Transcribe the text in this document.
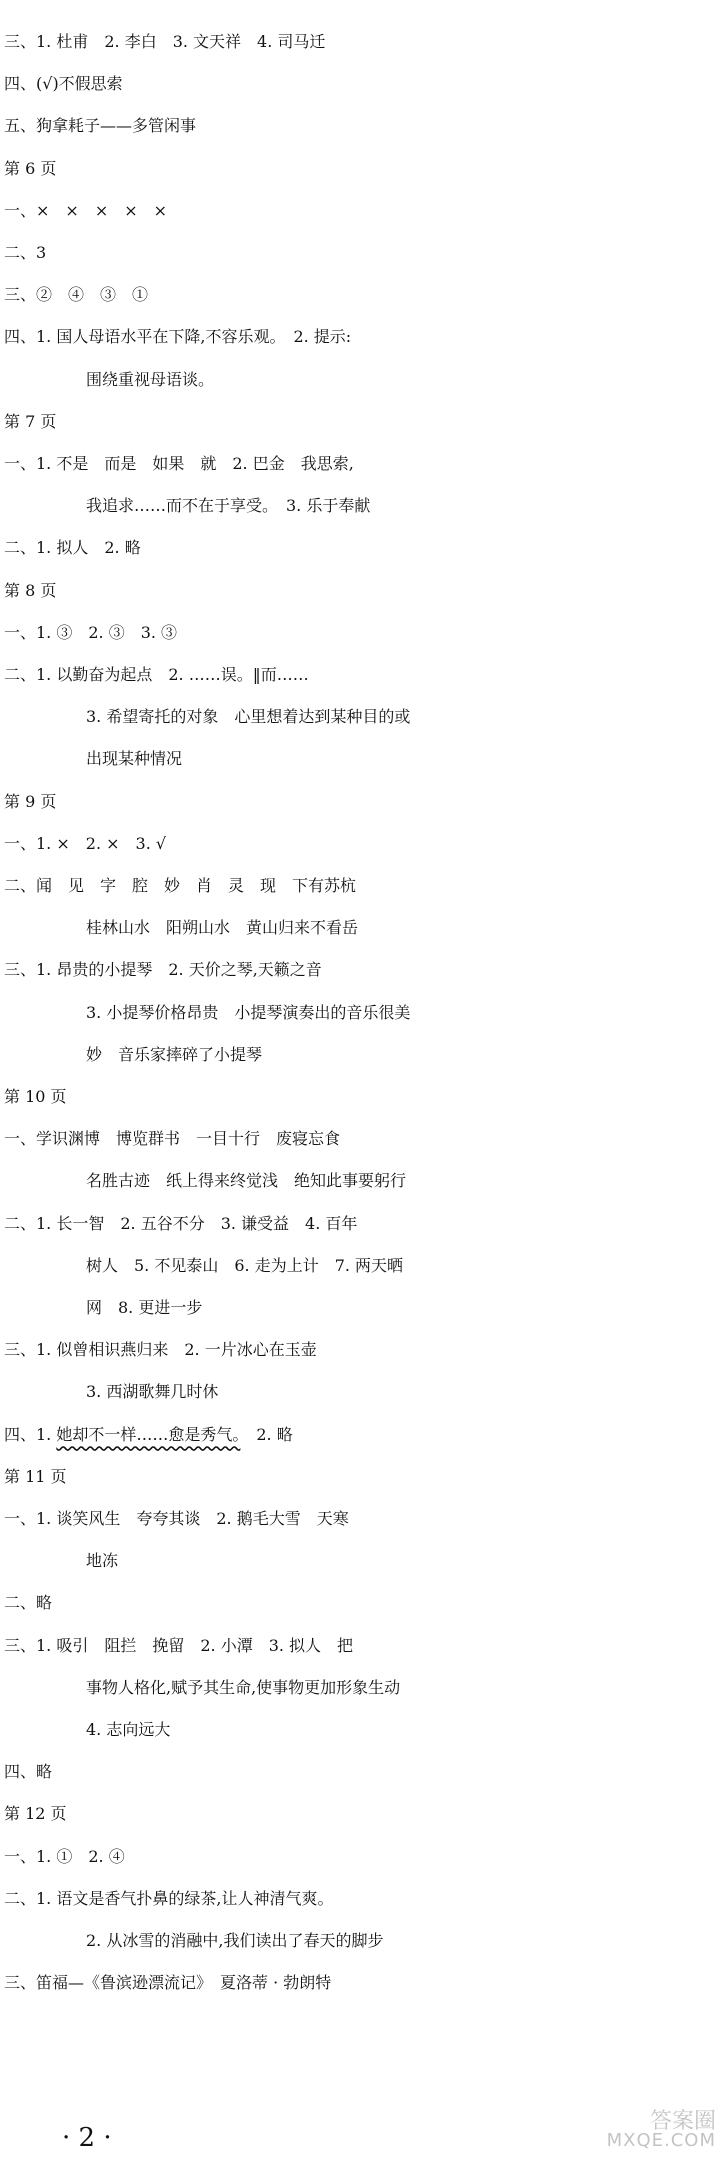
三、1. 杜甫　2. 李白　3. 文天祥　4. 司马迁
四、(√)不假思索
五、狗拿耗子——多管闲事
第 6 页
一、×　×　×　×　×
二、3
三、②　④　③　①
四、1. 国人母语水平在下降,不容乐观。　2. 提示:
围绕重视母语谈。
第 7 页
一、1. 不是　而是　如果　就　2. 巴金　我思索,
我追求……而不在于享受。　3. 乐于奉献
二、1. 拟人　2. 略
第 8 页
一、1. ③　2. ③　3. ③
二、1. 以勤奋为起点　2. ……误。‖而……
3. 希望寄托的对象　心里想着达到某种目的或
出现某种情况
第 9 页
一、1. ×　2. ×　3. √
二、闻　见　字　腔　妙　肖　灵　现　下有苏杭
桂林山水　阳朔山水　黄山归来不看岳
三、1. 昂贵的小提琴　2. 天价之琴,天籁之音
3. 小提琴价格昂贵　小提琴演奏出的音乐很美
妙　音乐家摔碎了小提琴
第 10 页
一、学识渊博　博览群书　一目十行　废寝忘食
名胜古迹　纸上得来终觉浅　绝知此事要躬行
二、1. 长一智　2. 五谷不分　3. 谦受益　4. 百年
树人　5. 不见泰山　6. 走为上计　7. 两天晒
网　8. 更进一步
三、1. 似曾相识燕归来　2. 一片冰心在玉壶
3. 西湖歌舞几时休
四、1. 她却不一样……愈是秀气。　2. 略
第 11 页
一、1. 谈笑风生　夸夸其谈　2. 鹅毛大雪　天寒
地冻
二、略
三、1. 吸引　阻拦　挽留　2. 小潭　3. 拟人　把
事物人格化,赋予其生命,使事物更加形象生动
4. 志向远大
四、略
第 12 页
一、1. ①　2. ④
二、1. 语文是香气扑鼻的绿茶,让人神清气爽。
2. 从冰雪的消融中,我们读出了春天的脚步
三、笛福—《鲁滨逊漂流记》　夏洛蒂 · 勃朗特
· 2 ·
答案圈
MXQE.COM
